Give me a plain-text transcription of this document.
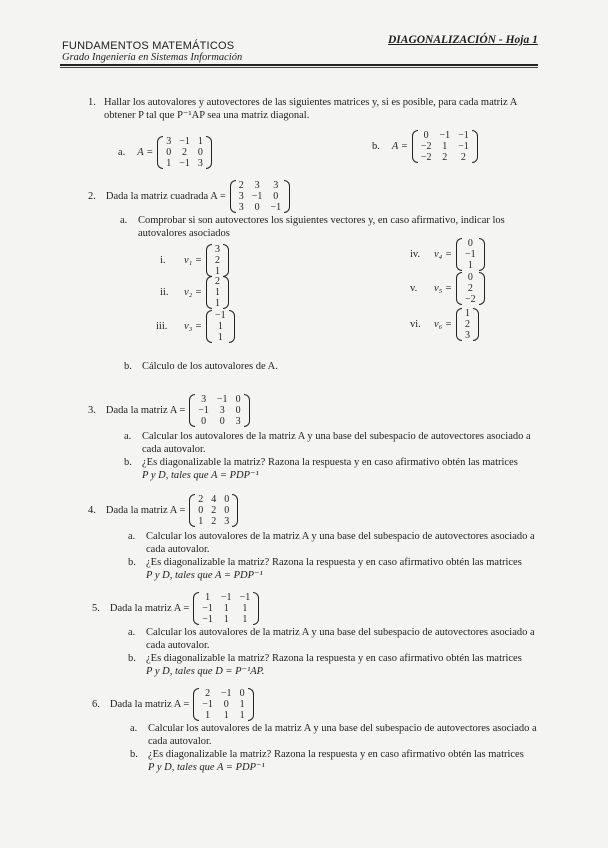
FUNDAMENTOS MATEMÁTICOS
Grado Ingeniería en Sistemas Información
DIAGONALIZACIÓN - Hoja 1
1. Hallar los autovalores y autovectores de las siguientes matrices y, si es posible, para cada matriz A
obtener P tal que P⁻¹AP sea una matriz diagonal.
a. A =
3	−1	1
0	2	0
1	−1	3
b. A =
0	−1	−1
−2	1	−1
−2	2	2
2. Dada la matriz cuadrada A =
2	3	3
3	−1	0
3	0	−1
a. Comprobar si son autovectores los siguientes vectores y, en caso afirmativo, indicar los
autovalores asociados
i.	v₁ =
3
2
1
ii.	v₂ =
2
1
1
iii.	v₃ =
−1
1
1
iv.	v₄ =
0
−1
1
v.	v₅ =
0
2
−2
vi.	v₆ =
1
2
3
b. Cálculo de los autovalores de A.
3. Dada la matriz A =
3	−1	0
−1	3	0
0	0	3
a. Calcular los autovalores de la matriz A y una base del subespacio de autovectores asociado a
cada autovalor.
b. ¿Es diagonalizable la matriz? Razona la respuesta y en caso afirmativo obtén las matrices
P y D, tales que A = PDP⁻¹
4. Dada la matriz A =
2	4	0
0	2	0
1	2	3
a. Calcular los autovalores de la matriz A y una base del subespacio de autovectores asociado a
cada autovalor.
b. ¿Es diagonalizable la matriz? Razona la respuesta y en caso afirmativo obtén las matrices
P y D, tales que A = PDP⁻¹
5. Dada la matriz A =
1	−1	−1
−1	1	1
−1	1	1
a. Calcular los autovalores de la matriz A y una base del subespacio de autovectores asociado a
cada autovalor.
b. ¿Es diagonalizable la matriz? Razona la respuesta y en caso afirmativo obtén las matrices
P y D, tales que D = P⁻¹AP.
6. Dada la matriz A =
2	−1	0
−1	0	1
1	1	1
a. Calcular los autovalores de la matriz A y una base del subespacio de autovectores asociado a
cada autovalor.
b. ¿Es diagonalizable la matriz? Razona la respuesta y en caso afirmativo obtén las matrices
P y D, tales que A = PDP⁻¹
